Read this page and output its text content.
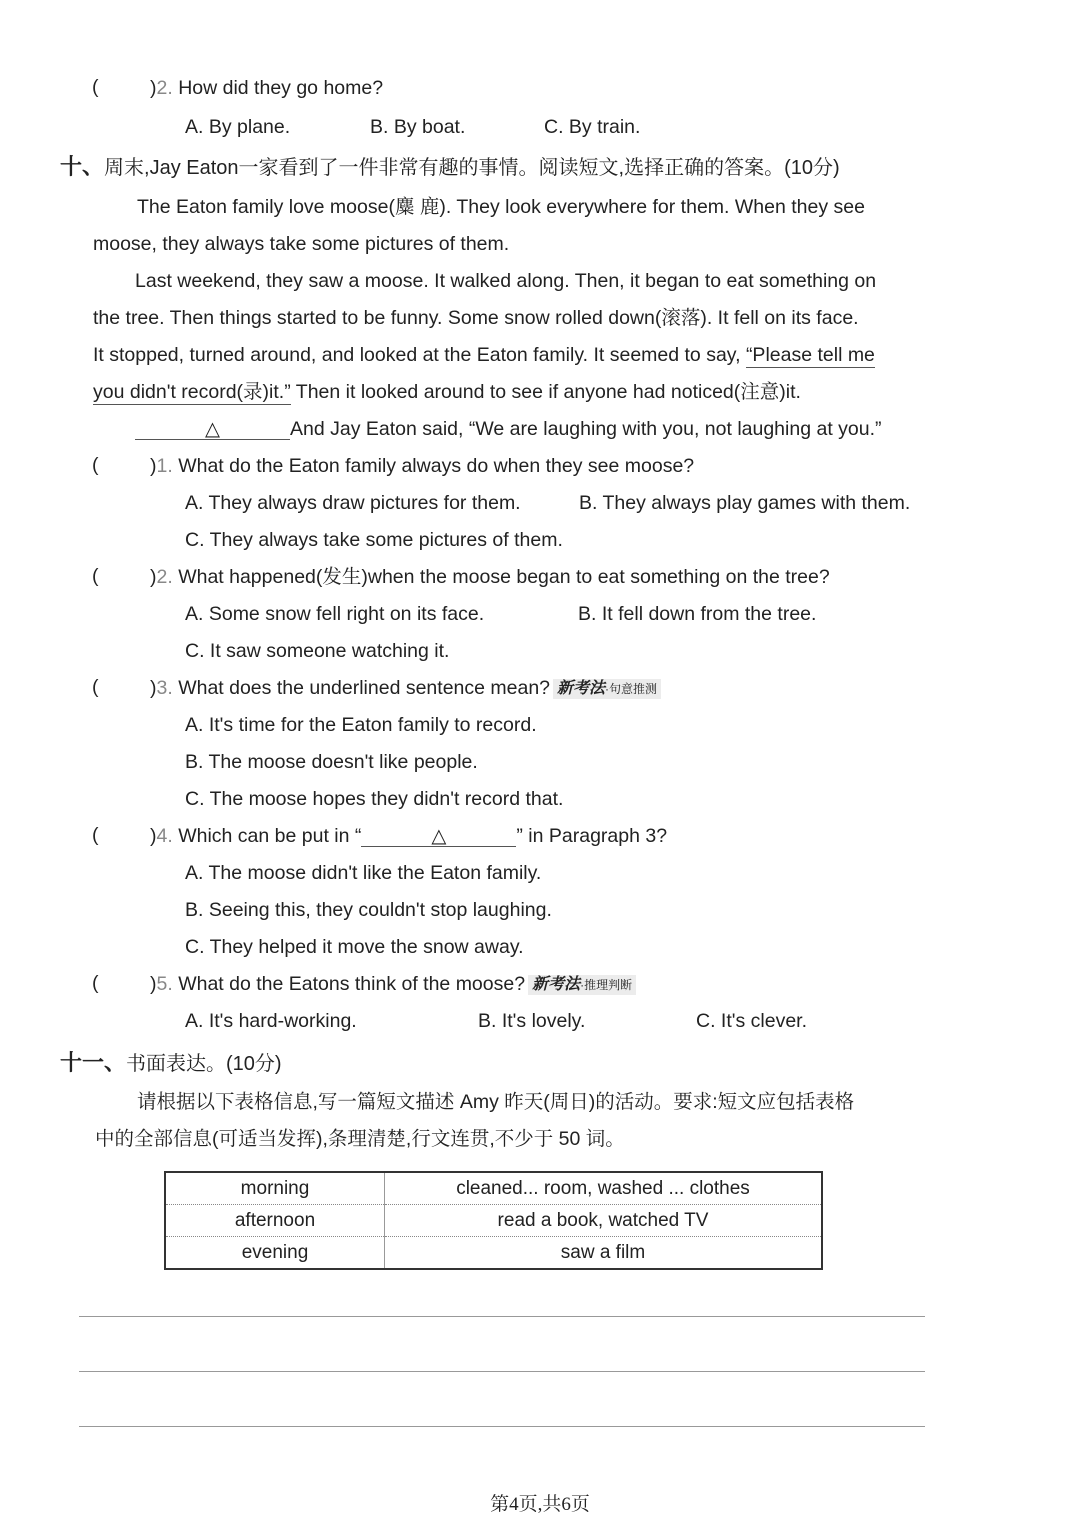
(	)2. How did they go home?
A. By plane.	B. By boat.	C. By train.
十、周末,Jay Eaton一家看到了一件非常有趣的事情。阅读短文,选择正确的答案。(10分)
The Eaton family love moose(麋 鹿). They look everywhere for them. When they see
moose, they always take some pictures of them.
Last weekend, they saw a moose. It walked along. Then, it began to eat something on
the tree. Then things started to be funny. Some snow rolled down(滚落). It fell on its face.
It stopped, turned around, and looked at the Eaton family. It seemed to say, “Please tell me
you didn't record(录)it.” Then it looked around to see if anyone had noticed(注意)it.
△	And Jay Eaton said, “We are laughing with you, not laughing at you.”
(	)1. What do the Eaton family always do when they see moose?
A. They always draw pictures for them.	B. They always play games with them.
C. They always take some pictures of them.
(	)2. What happened(发生)when the moose began to eat something on the tree?
A. Some snow fell right on its face.	B. It fell down from the tree.
C. It saw someone watching it.
(	)3. What does the underlined sentence mean? 新考法·句意推测
A. It's time for the Eaton family to record.
B. The moose doesn't like people.
C. The moose hopes they didn't record that.
(	)4. Which can be put in “	△	” in Paragraph 3?
A. The moose didn't like the Eaton family.
B. Seeing this, they couldn't stop laughing.
C. They helped it move the snow away.
(	)5. What do the Eatons think of the moose? 新考法·推理判断
A. It's hard-working.	B. It's lovely.	C. It's clever.
十一、书面表达。(10分)
请根据以下表格信息,写一篇短文描述 Amy 昨天(周日)的活动。要求:短文应包括表格
中的全部信息(可适当发挥),条理清楚,行文连贯,不少于 50 词。
morning	cleaned... room, washed ... clothes
afternoon	read a book, watched TV
evening	saw a film
第4页,共6页
